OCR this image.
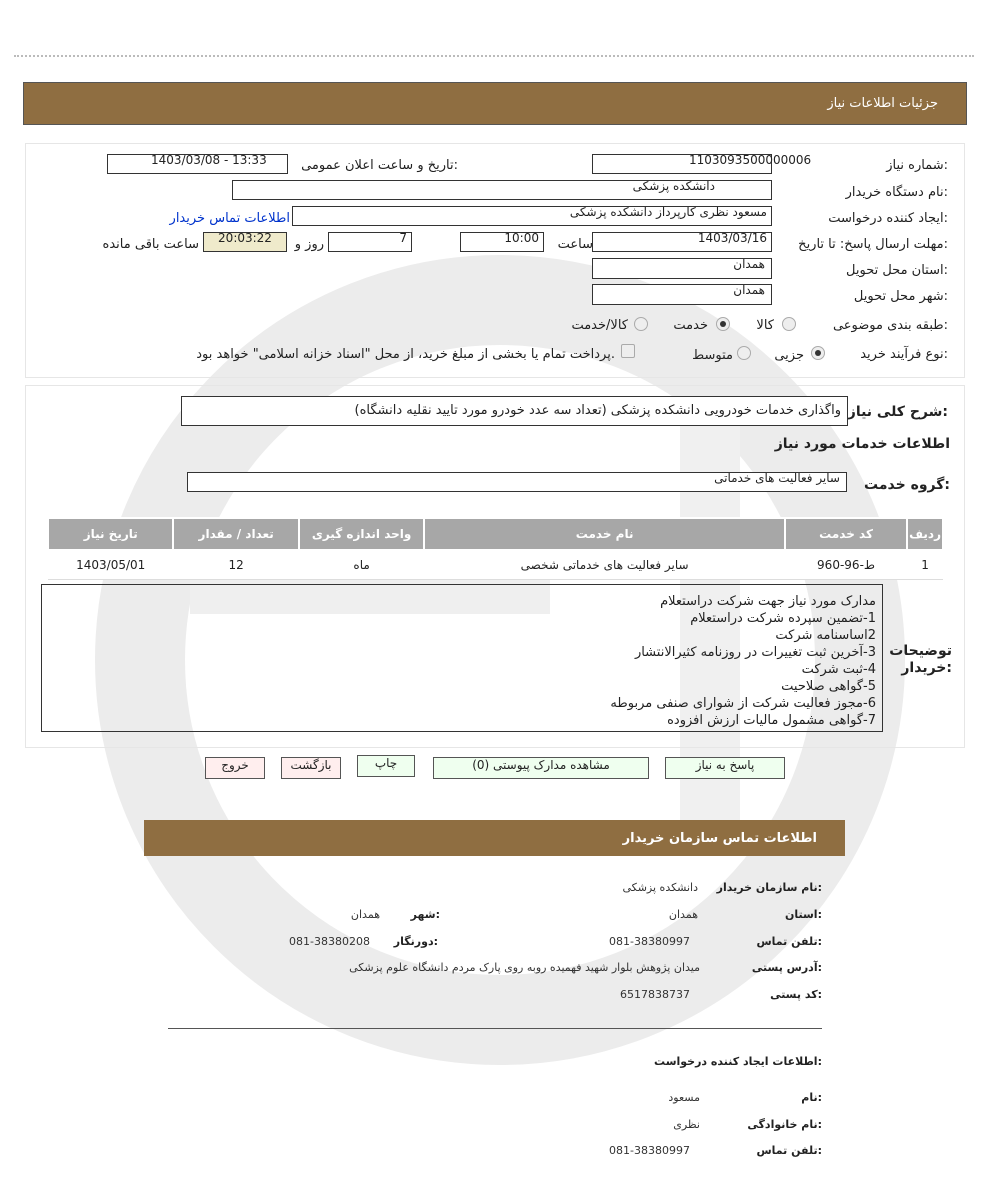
جزئیات اطلاعات نیاز
شماره نیاز:
1103093500000006
تاریخ و ساعت اعلان عمومی:
1403/03/08 - 13:33
نام دستگاه خریدار:
دانشکده پزشکی
ایجاد کننده درخواست:
مسعود نظری کارپرداز دانشکده پزشکی
اطلاعات تماس خریدار
مهلت ارسال پاسخ: تا تاریخ:
1403/03/16
ساعت
10:00
7
روز و
20:03:22
ساعت باقی مانده
استان محل تحویل:
همدان
شهر محل تحویل:
همدان
طبقه بندی موضوعی:
کالا
خدمت
کالا/خدمت
نوع فرآیند خرید:
جزیی
متوسط
پرداخت تمام یا بخشی از مبلغ خرید، از محل "اسناد خزانه اسلامی" خواهد بود.
شرح کلی نیاز:
واگذاری خدمات خودرویی دانشکده پزشکی (تعداد سه عدد خودرو مورد تایید نقلیه دانشگاه)
اطلاعات خدمات مورد نیاز
گروه خدمت:
سایر فعالیت های خدماتی
ردیف	کد خدمت	نام خدمت	واحد اندازه گیری	تعداد / مقدار	تاریخ نیاز
1	ط-96-960	سایر فعالیت های خدماتی شخصی	ماه	12	1403/05/01
توضیحات خریدار:
مدارک مورد نیاز جهت شرکت دراستعلام
1-تضمین سپرده شرکت دراستعلام
2اساسنامه شرکت
3-آخرین ثبت تغییرات در روزنامه کثیرالانتشار
4-ثبت شرکت
5-گواهی صلاحیت
6-مجوز فعالیت شرکت از شوارای صنفی مربوطه
7-گواهی مشمول مالیات ارزش افزوده
پاسخ به نیاز
مشاهده مدارک پیوستی (0)
چاپ
بازگشت
خروج
اطلاعات تماس سازمان خریدار
نام سازمان خریدار:
دانشکده پزشکی
استان:
همدان
شهر:
همدان
تلفن تماس:
081-38380997
دورنگار:
081-38380208
آدرس پستی:
میدان پژوهش بلوار شهید فهمیده روبه روی پارک مردم دانشگاه علوم پزشکی
کد پستی:
6517838737
اطلاعات ایجاد کننده درخواست:
نام:
مسعود
نام خانوادگی:
نظری
تلفن تماس:
081-38380997
